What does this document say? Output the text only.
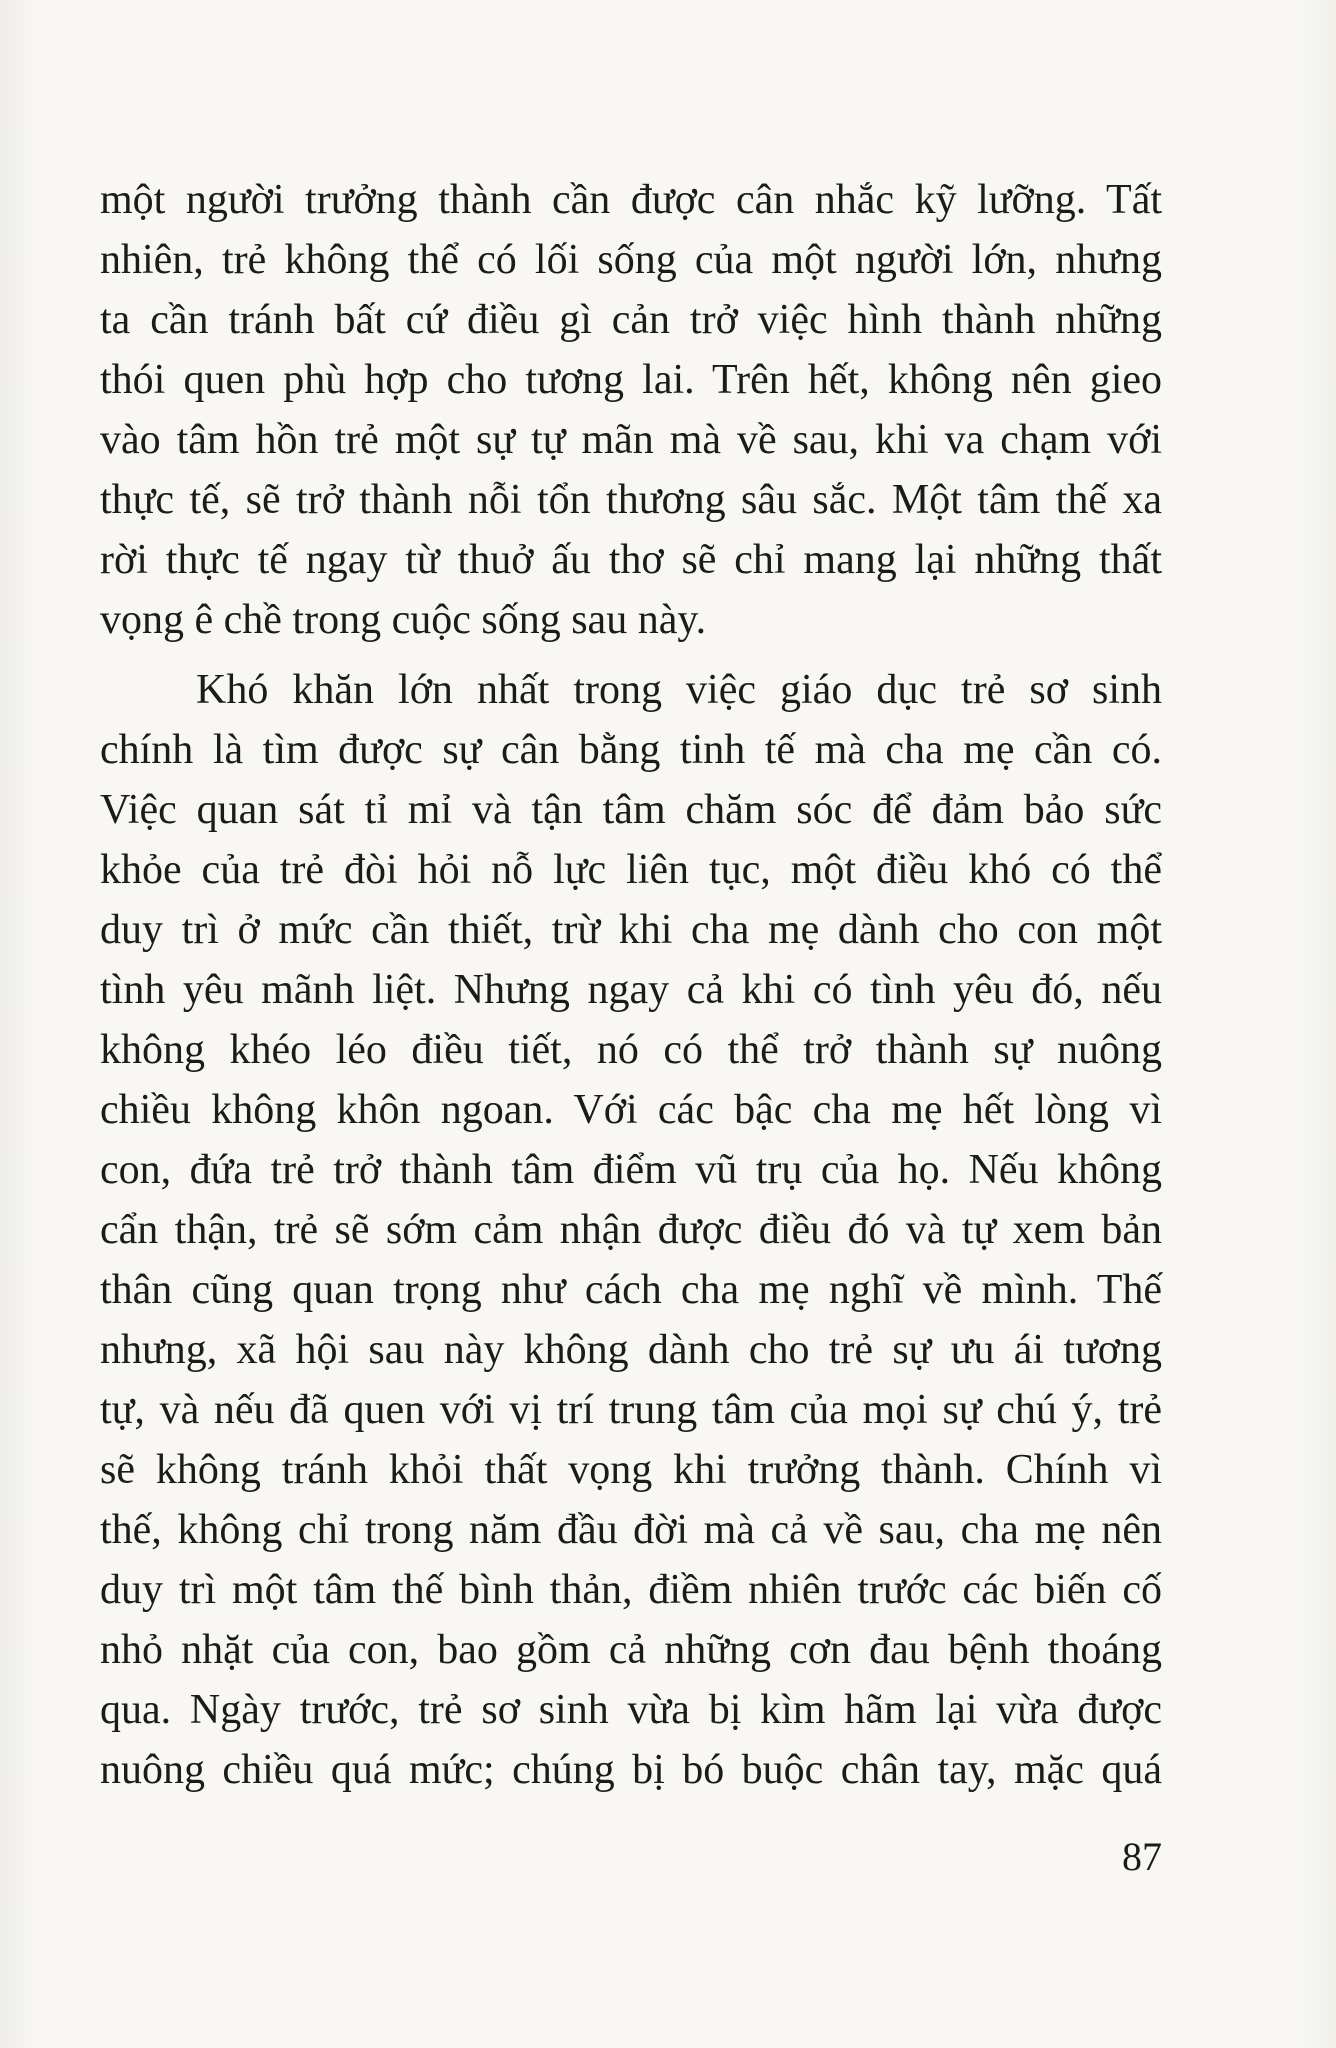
một người trưởng thành cần được cân nhắc kỹ lưỡng. Tất
nhiên, trẻ không thể có lối sống của một người lớn, nhưng
ta cần tránh bất cứ điều gì cản trở việc hình thành những
thói quen phù hợp cho tương lai. Trên hết, không nên gieo
vào tâm hồn trẻ một sự tự mãn mà về sau, khi va chạm với
thực tế, sẽ trở thành nỗi tổn thương sâu sắc. Một tâm thế xa
rời thực tế ngay từ thuở ấu thơ sẽ chỉ mang lại những thất
vọng ê chề trong cuộc sống sau này.

Khó khăn lớn nhất trong việc giáo dục trẻ sơ sinh
chính là tìm được sự cân bằng tinh tế mà cha mẹ cần có.
Việc quan sát tỉ mỉ và tận tâm chăm sóc để đảm bảo sức
khỏe của trẻ đòi hỏi nỗ lực liên tục, một điều khó có thể
duy trì ở mức cần thiết, trừ khi cha mẹ dành cho con một
tình yêu mãnh liệt. Nhưng ngay cả khi có tình yêu đó, nếu
không khéo léo điều tiết, nó có thể trở thành sự nuông
chiều không khôn ngoan. Với các bậc cha mẹ hết lòng vì
con, đứa trẻ trở thành tâm điểm vũ trụ của họ. Nếu không
cẩn thận, trẻ sẽ sớm cảm nhận được điều đó và tự xem bản
thân cũng quan trọng như cách cha mẹ nghĩ về mình. Thế
nhưng, xã hội sau này không dành cho trẻ sự ưu ái tương
tự, và nếu đã quen với vị trí trung tâm của mọi sự chú ý, trẻ
sẽ không tránh khỏi thất vọng khi trưởng thành. Chính vì
thế, không chỉ trong năm đầu đời mà cả về sau, cha mẹ nên
duy trì một tâm thế bình thản, điềm nhiên trước các biến cố
nhỏ nhặt của con, bao gồm cả những cơn đau bệnh thoáng
qua. Ngày trước, trẻ sơ sinh vừa bị kìm hãm lại vừa được
nuông chiều quá mức; chúng bị bó buộc chân tay, mặc quá

87
